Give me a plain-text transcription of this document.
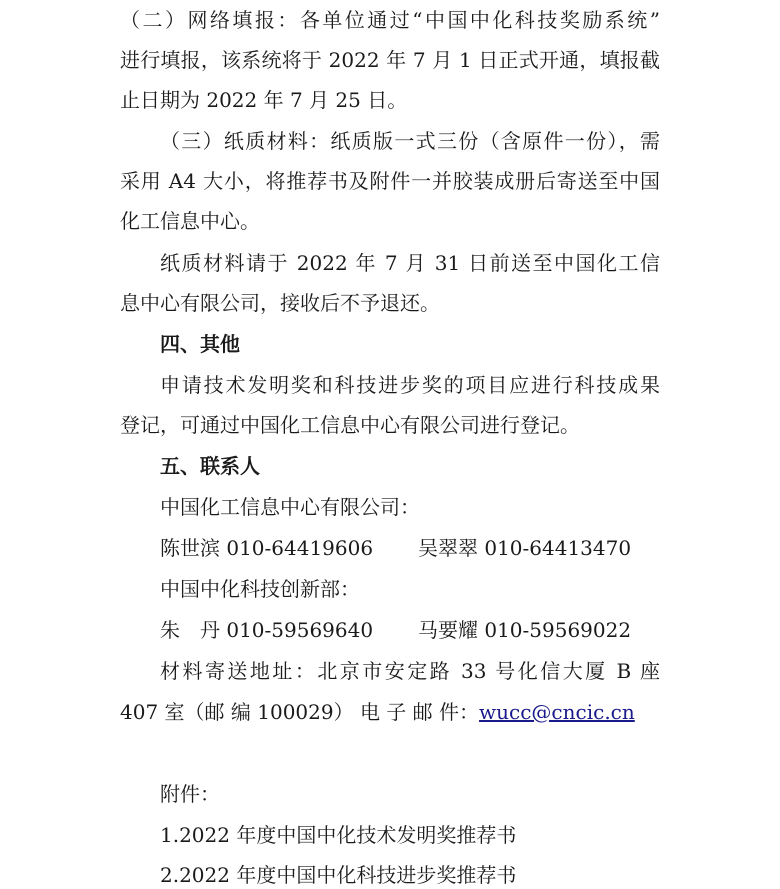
（二）网络填报：各单位通过“中国中化科技奖励系统”
进行填报，该系统将于 2022 年 7 月 1 日正式开通，填报截
止日期为 2022 年 7 月 25 日。
（三）纸质材料：纸质版一式三份（含原件一份），需
采用 A4 大小，将推荐书及附件一并胶装成册后寄送至中国
化工信息中心。
纸质材料请于 2022 年 7 月 31 日前送至中国化工信
息中心有限公司，接收后不予退还。
四、其他
申请技术发明奖和科技进步奖的项目应进行科技成果
登记，可通过中国化工信息中心有限公司进行登记。
五、联系人
中国化工信息中心有限公司：
陈世滨 010-64419606 吴翠翠 010-64413470
中国中化科技创新部：
朱　丹 010-59569640 马要耀 010-59569022
材料寄送地址：北京市安定路 33 号化信大厦 B 座
407 室（邮 编 100029） 电 子 邮 件：wucc@cncic.cn
附件：
1.2022 年度中国中化技术发明奖推荐书
2.2022 年度中国中化科技进步奖推荐书
